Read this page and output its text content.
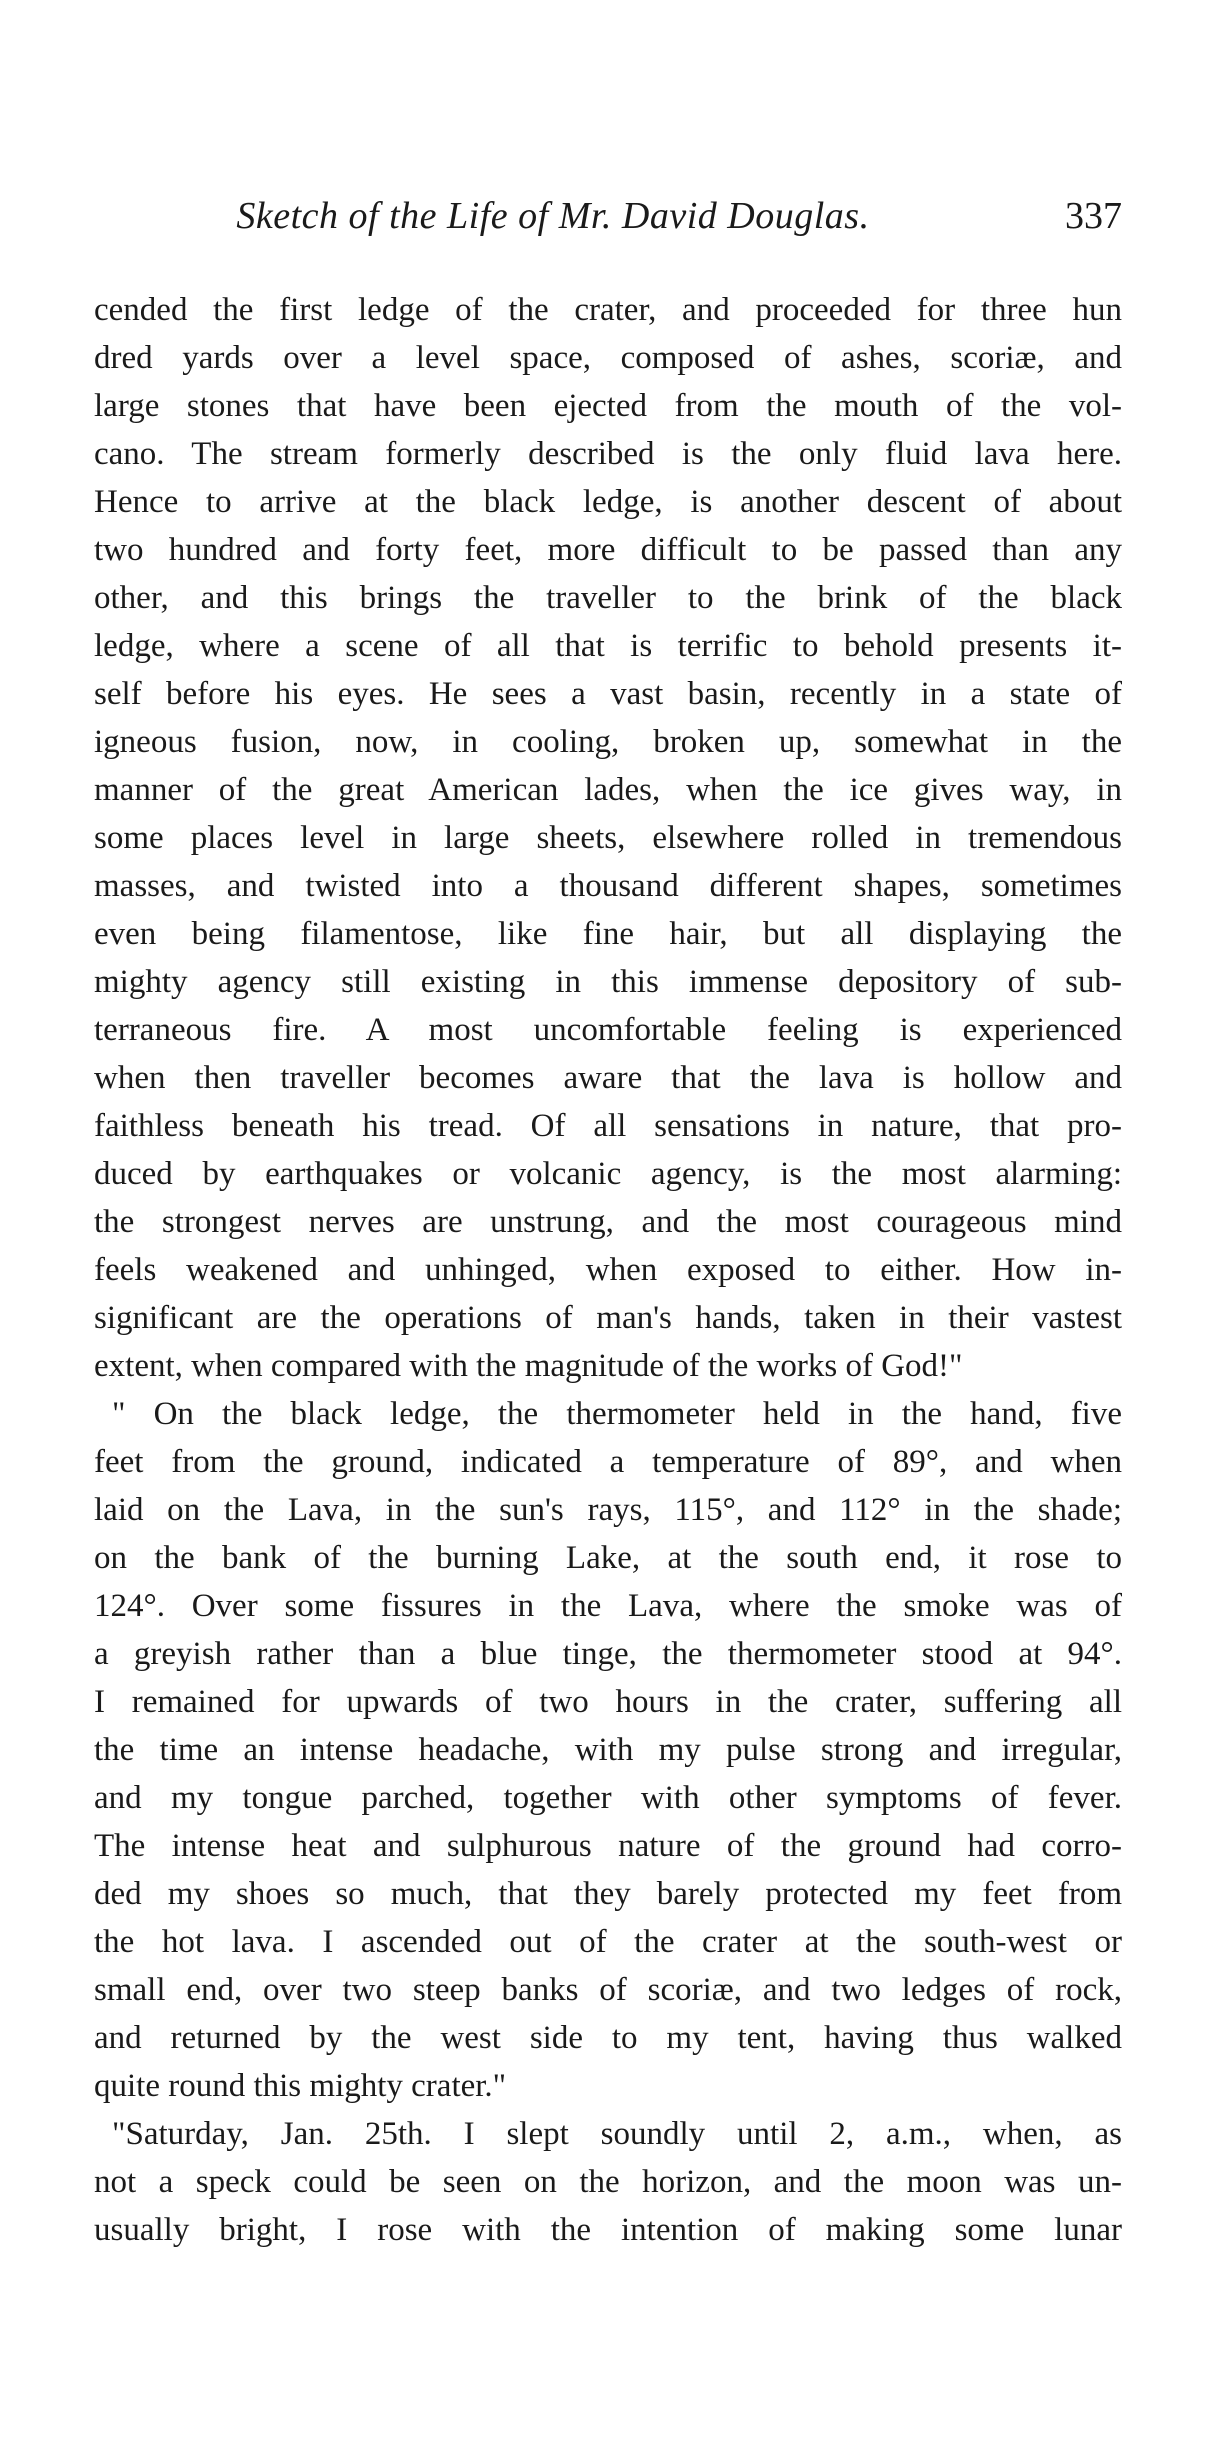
Sketch of the Life of Mr. David Douglas.	337
cended the first ledge of the crater, and proceeded for three hun
dred yards over a level space, composed of ashes, scoriæ, and
large stones that have been ejected from the mouth of the vol-
cano. The stream formerly described is the only fluid lava here.
Hence to arrive at the black ledge, is another descent of about
two hundred and forty feet, more difficult to be passed than any
other, and this brings the traveller to the brink of the black
ledge, where a scene of all that is terrific to behold presents it-
self before his eyes. He sees a vast basin, recently in a state of
igneous fusion, now, in cooling, broken up, somewhat in the
manner of the great American lades, when the ice gives way, in
some places level in large sheets, elsewhere rolled in tremendous
masses, and twisted into a thousand different shapes, sometimes
even being filamentose, like fine hair, but all displaying the
mighty agency still existing in this immense depository of sub-
terraneous fire. A most uncomfortable feeling is experienced
when then traveller becomes aware that the lava is hollow and
faithless beneath his tread. Of all sensations in nature, that pro-
duced by earthquakes or volcanic agency, is the most alarming:
the strongest nerves are unstrung, and the most courageous mind
feels weakened and unhinged, when exposed to either. How in-
significant are the operations of man's hands, taken in their vastest
extent, when compared with the magnitude of the works of God!"
" On the black ledge, the thermometer held in the hand, five
feet from the ground, indicated a temperature of 89°, and when
laid on the Lava, in the sun's rays, 115°, and 112° in the shade;
on the bank of the burning Lake, at the south end, it rose to
124°. Over some fissures in the Lava, where the smoke was of
a greyish rather than a blue tinge, the thermometer stood at 94°.
I remained for upwards of two hours in the crater, suffering all
the time an intense headache, with my pulse strong and irregular,
and my tongue parched, together with other symptoms of fever.
The intense heat and sulphurous nature of the ground had corro-
ded my shoes so much, that they barely protected my feet from
the hot lava. I ascended out of the crater at the south-west or
small end, over two steep banks of scoriæ, and two ledges of rock,
and returned by the west side to my tent, having thus walked
quite round this mighty crater."
"Saturday, Jan. 25th. I slept soundly until 2, a.m., when, as
not a speck could be seen on the horizon, and the moon was un-
usually bright, I rose with the intention of making some lunar
